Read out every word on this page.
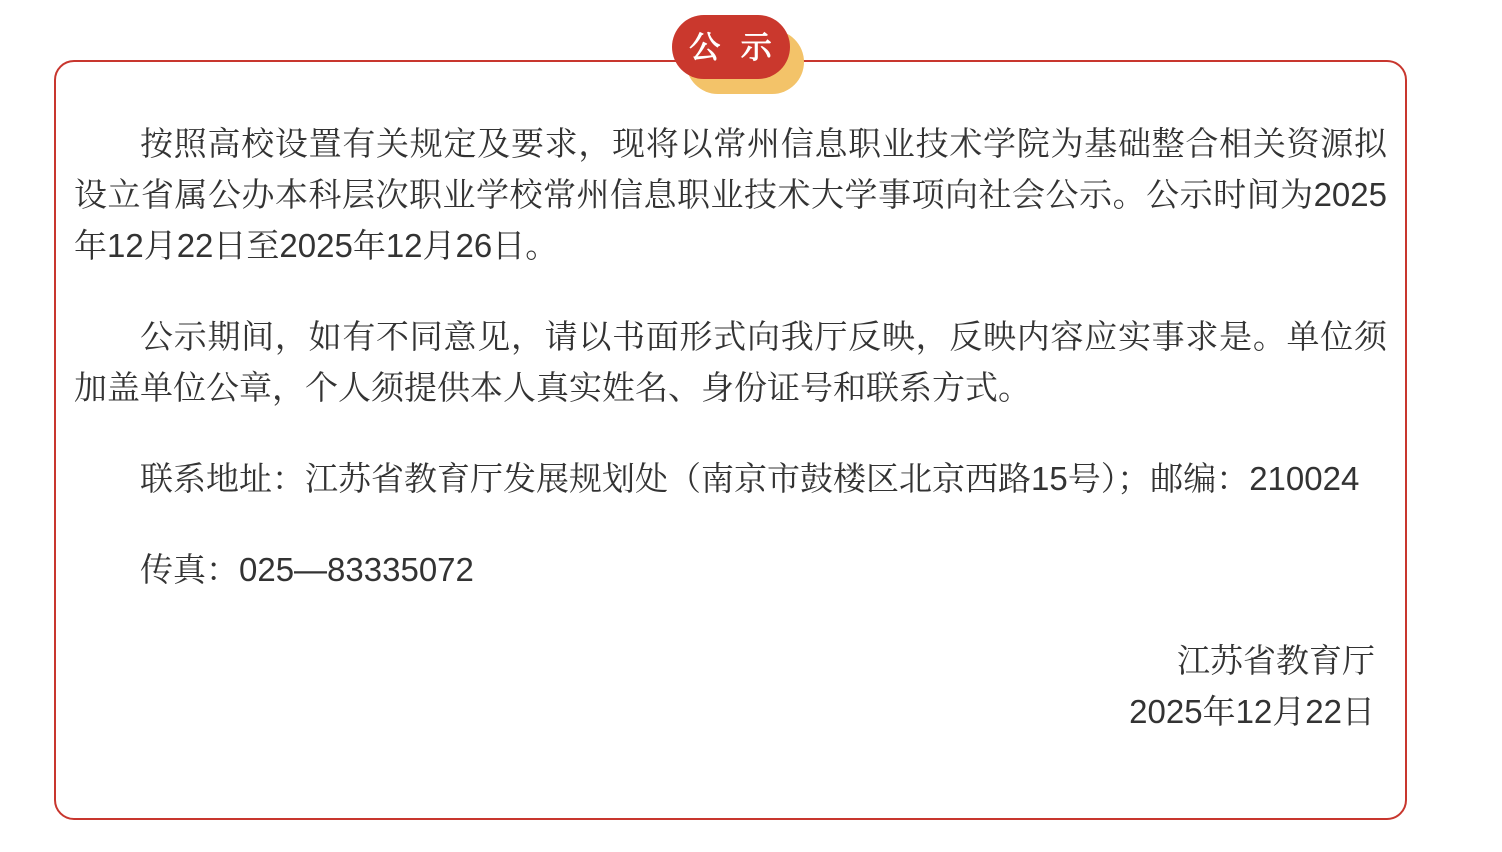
公 示

按照高校设置有关规定及要求，现将以常州信息职业技术学院为基础整合相关资源拟设立省属公办本科层次职业学校常州信息职业技术大学事项向社会公示。公示时间为2025年12月22日至2025年12月26日。

公示期间，如有不同意见，请以书面形式向我厅反映，反映内容应实事求是。单位须加盖单位公章，个人须提供本人真实姓名、身份证号和联系方式。

联系地址：江苏省教育厅发展规划处（南京市鼓楼区北京西路15号）；邮编：210024

传真：025—83335072

江苏省教育厅

2025年12月22日
